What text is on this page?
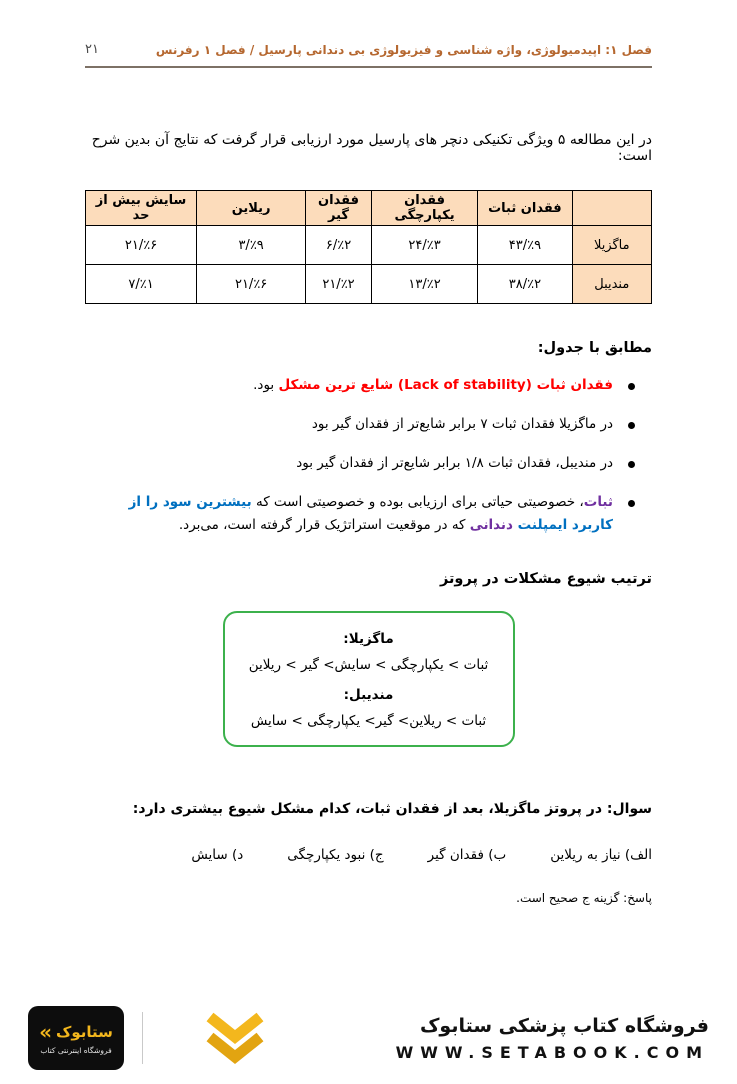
فصل ۱: اپیدمیولوژی، واژه شناسی و فیزیولوژی بی دندانی پارسیل / فصل ۱ رفرنس
۲۱

در این مطالعه ۵ ویژگی تکنیکی دنچر های پارسیل مورد ارزیابی قرار گرفت که نتایج آن بدین شرح است:

	فقدان ثبات	فقدان یکپارچگی	فقدان گیر	ریلاین	سایش بیش از حد
ماگزیلا	۴۳/٪۹	۲۴/٪۳	۶/٪۲	۳/٪۹	۲۱/٪۶
مندیبل	۳۸/٪۲	۱۳/٪۲	۲۱/٪۲	۲۱/٪۶	۷/٪۱

مطابق با جدول:

فقدان ثبات (Lack of stability) شایع ترین مشکل بود.
در ماگزیلا فقدان ثبات ۷ برابر شایع‌تر از فقدان گیر بود
در مندیبل، فقدان ثبات ۱/۸ برابر شایع‌تر از فقدان گیر بود
ثبات، خصوصیتی حیاتی برای ارزیابی بوده و خصوصیتی است که بیشترین سود را از کاربرد ایمپلنت دندانی که در موقعیت استراتژیک قرار گرفته است، می‌برد.

ترتیب شیوع مشکلات در پروتز

ماگزیلا:
ثبات > یکپارچگی > سایش> گیر > ریلاین
مندیبل:
ثبات > ریلاین> گیر> یکپارچگی > سایش

سوال: در پروتز ماگزیلا، بعد از فقدان ثبات، کدام مشکل شیوع بیشتری دارد:

الف) نیاز به ریلاین
ب) فقدان گیر
ج) نبود یکپارچگی
د) سایش

پاسخ: گزینه ج صحیح است.

فروشگاه کتاب پزشکی ستابوک
WWW.SETABOOK.COM
« ستابوک
فروشگاه اینترنتی کتاب
